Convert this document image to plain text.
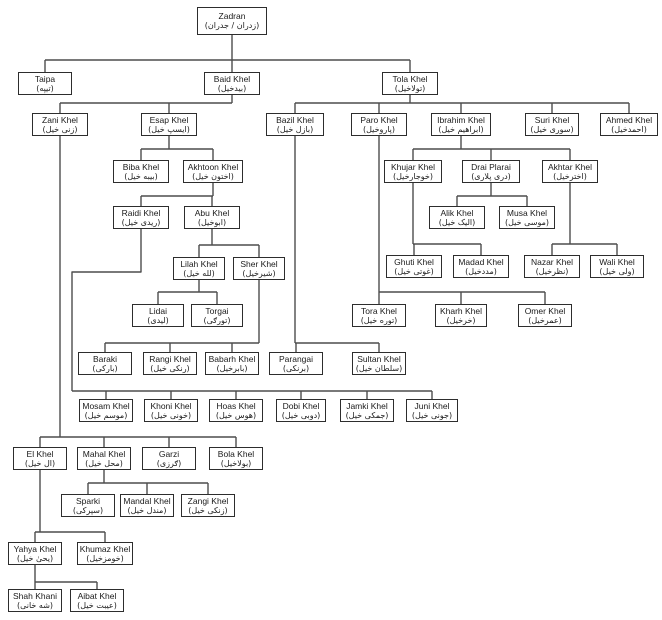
Zadran
(زدران / جدران)
Taipa
(تيپه)
Baid Khel
(بيدخيل)
Tola Khel
(تولاخيل)
Zani Khel
(زنی خيل)
Esap Khel
(ايسپ خيل)
Bazil Khel
(بازل خيل)
Paro Khel
(پاروخيل)
Ibrahim Khel
(ابراهيم خيل)
Suri Khel
(سوری خيل)
Ahmed Khel
(احمدخيل)
Biba Khel
(بيبه خيل)
Akhtoon Khel
(اختون خيل)
Khujar Khel
(خوجارخيل)
Drai Plarai
(دری پلاری)
Akhtar Khel
(اخترخيل)
Raidi Khel
(ريدی خيل)
Abu Khel
(ابوخيل)
Alik Khel
(اليک خيل)
Musa Khel
(موسی خيل)
Lilah Khel
(لله خيل)
Sher Khel
(شيرخيل)
Ghuti Khel
(غوتی خيل)
Madad Khel
(مددخيل)
Nazar Khel
(نظرخيل)
Wali Khel
(ولی خيل)
Lidai
(ليدی)
Torgai
(تورګی)
Tora Khel
(توره خيل)
Kharh Khel
(خرخيل)
Omer Khel
(عمرخيل)
Baraki
(بارکی)
Rangi Khel
(رنکی خيل)
Babarh Khel
(بابرخيل)
Parangai
(برنکی)
Sultan Khel
(سلطان خيل)
Mosam Khel
(موسم خيل)
Khoni Khel
(خونی خيل)
Hoas Khel
(هوس خيل)
Dobi Khel
(دوبی خيل)
Jamki Khel
(جمکی خيل)
Juni Khel
(جونی خيل)
El Khel
(ال خيل)
Mahal Khel
(محل خيل)
Garzi
(ګرزی)
Bola Khel
(بولاخيل)
Sparki
(سپرکی)
Mandal Khel
(مندل خيل)
Zangi Khel
(زنکی خيل)
Yahya Khel
(يحیٰ خيل)
Khumaz Khel
(خومزخيل)
Shah Khani
(شه خانی)
Aibat Khel
(عيبت خيل)
